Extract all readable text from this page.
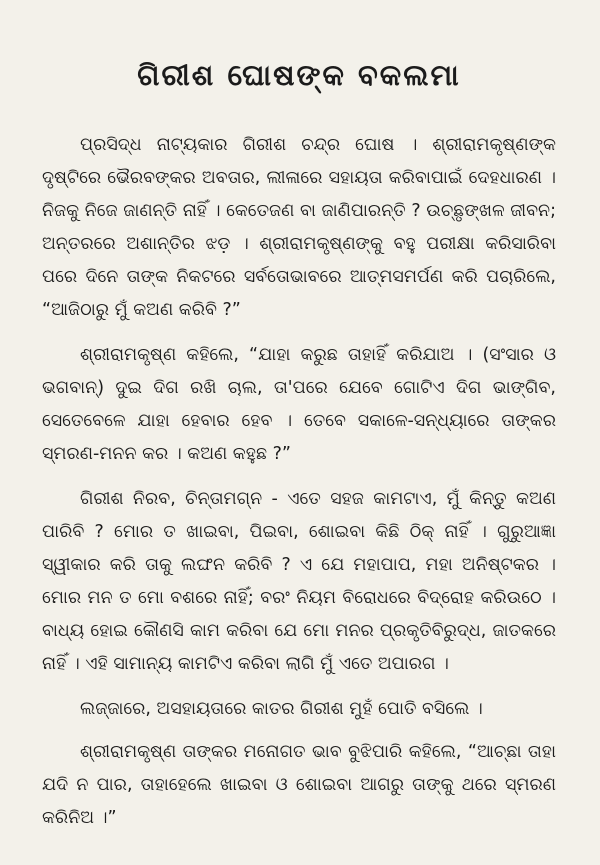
ଗିରୀଶ ଘୋଷଙ୍କ ବକଲମା

ପ୍ରସିଦ୍ଧ ନାଟ୍ୟକାର ଗିରୀଶ ଚନ୍ଦ୍ର ଘୋଷ । ଶ୍ରୀରାମକୃଷ୍ଣଙ୍କ ଦୃଷ୍ଟିରେ ଭୈରବଙ୍କର ଅବତାର, ଲୀଳାରେ ସହାୟତା କରିବାପାଇଁ ଦେହଧାରଣ । ନିଜକୁ ନିଜେ ଜାଣନ୍ତି ନାହିଁ । କେତେଜଣ ବା ଜାଣିପାରନ୍ତି ? ଉଚ୍ଛୃଙ୍ଖଳ ଜୀବନ; ଅନ୍ତରରେ ଅଶାନ୍ତିର ଝଡ଼ । ଶ୍ରୀରାମକୃଷ୍ଣଙ୍କୁ ବହୁ ପରୀକ୍ଷା କରିସାରିବା ପରେ ଦିନେ ତାଙ୍କ ନିକଟରେ ସର୍ବତୋଭାବରେ ଆତ୍ମସମର୍ପଣ କରି ପଚାରିଲେ, “ଆଜିଠାରୁ ମୁଁ କଅଣ କରିବି ?”

ଶ୍ରୀରାମକୃଷ୍ଣ କହିଲେ, “ଯାହା କରୁଛ ତାହାହିଁ କରିଯାଅ । (ସଂସାର ଓ ଭଗବାନ୍) ଦୁଇ ଦିଗ ରଖି ଚାଲ, ତା'ପରେ ଯେବେ ଗୋଟିଏ ଦିଗ ଭାଙ୍ଗିବ, ସେତେବେଳେ ଯାହା ହେବାର ହେବ । ତେବେ ସକାଳେ-ସନ୍ଧ୍ୟାରେ ତାଙ୍କର ସ୍ମରଣ-ମନନ କର । କଅଣ କହୁଛ ?”

ଗିରୀଶ ନିରବ, ଚିନ୍ତାମଗ୍ନ - ଏତେ ସହଜ କାମଟାଏ, ମୁଁ କିନ୍ତୁ କଅଣ ପାରିବି ? ମୋର ତ ଖାଇବା, ପିଇବା, ଶୋଇବା କିଛି ଠିକ୍ ନାହିଁ । ଗୁରୁଆଜ୍ଞା ସ୍ୱୀକାର କରି ତାକୁ ଲଙ୍ଘନ କରିବି ? ଏ ଯେ ମହାପାପ, ମହା ଅନିଷ୍ଟକର । ମୋର ମନ ତ ମୋ ବଶରେ ନାହିଁ; ବରଂ ନିୟମ ବିରୋଧରେ ବିଦ୍ରୋହ କରିଉଠେ । ବାଧ୍ୟ ହୋଇ କୌଣସି କାମ କରିବା ଯେ ମୋ ମନର ପ୍ରକୃତିବିରୁଦ୍ଧ, ଜାତକରେ ନାହିଁ । ଏହି ସାମାନ୍ୟ କାମଟିଏ କରିବା ଲାଗି ମୁଁ ଏତେ ଅପାରଗ ।

ଲଜ୍ଜାରେ, ଅସହାୟତାରେ କାତର ଗିରୀଶ ମୁହଁ ପୋତି ବସିଲେ ।

ଶ୍ରୀରାମକୃଷ୍ଣ ତାଙ୍କର ମନୋଗତ ଭାବ ବୁଝିପାରି କହିଲେ, “ଆଚ୍ଛା ତାହା ଯଦି ନ ପାର, ତାହାହେଲେ ଖାଇବା ଓ ଶୋଇବା ଆଗରୁ ତାଙ୍କୁ ଥରେ ସ୍ମରଣ କରିନିଅ ।”
